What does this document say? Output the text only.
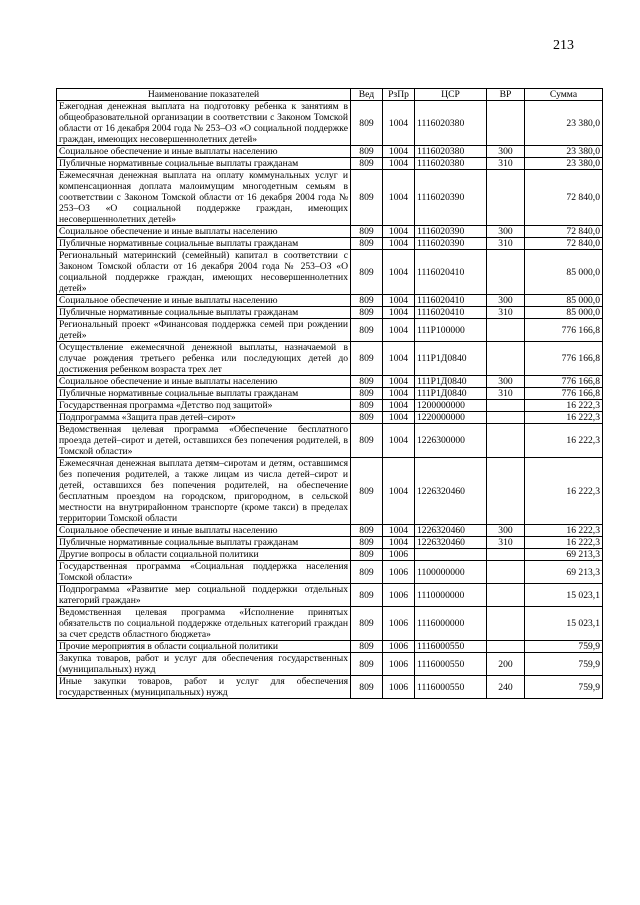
213
Наименование показателей	Вед	РзПр	ЦСР	ВР	Сумма
Ежегодная денежная выплата на подготовку ребенка к занятиям в общеобразовательной организации в соответствии с Законом Томской области от 16 декабря 2004 года № 253–ОЗ «О социальной поддержке граждан, имеющих несовершеннолетних детей»	809	1004	1116020380		23 380,0
Социальное обеспечение и иные выплаты населению	809	1004	1116020380	300	23 380,0
Публичные нормативные социальные выплаты гражданам	809	1004	1116020380	310	23 380,0
Ежемесячная денежная выплата на оплату коммунальных услуг и компенсационная доплата малоимущим многодетным семьям в соответствии с Законом Томской области от 16 декабря 2004 года № 253–ОЗ «О социальной поддержке граждан, имеющих несовершеннолетних детей»	809	1004	1116020390		72 840,0
Социальное обеспечение и иные выплаты населению	809	1004	1116020390	300	72 840,0
Публичные нормативные социальные выплаты гражданам	809	1004	1116020390	310	72 840,0
Региональный материнский (семейный) капитал в соответствии с Законом Томской области от 16 декабря 2004 года № 253–ОЗ «О социальной поддержке граждан, имеющих несовершеннолетних детей»	809	1004	1116020410		85 000,0
Социальное обеспечение и иные выплаты населению	809	1004	1116020410	300	85 000,0
Публичные нормативные социальные выплаты гражданам	809	1004	1116020410	310	85 000,0
Региональный проект «Финансовая поддержка семей при рождении детей»	809	1004	111P100000		776 166,8
Осуществление ежемесячной денежной выплаты, назначаемой в случае рождения третьего ребенка или последующих детей до достижения ребенком возраста трех лет	809	1004	111P1Д0840		776 166,8
Социальное обеспечение и иные выплаты населению	809	1004	111P1Д0840	300	776 166,8
Публичные нормативные социальные выплаты гражданам	809	1004	111P1Д0840	310	776 166,8
Государственная программа «Детство под защитой»	809	1004	1200000000		16 222,3
Подпрограмма «Защита прав детей–сирот»	809	1004	1220000000		16 222,3
Ведомственная целевая программа «Обеспечение бесплатного проезда детей–сирот и детей, оставшихся без попечения родителей, в Томской области»	809	1004	1226300000		16 222,3
Ежемесячная денежная выплата детям–сиротам и детям, оставшимся без попечения родителей, а также лицам из числа детей–сирот и детей, оставшихся без попечения родителей, на обеспечение бесплатным проездом на городском, пригородном, в сельской местности на внутрирайонном транспорте (кроме такси) в пределах территории Томской области	809	1004	1226320460		16 222,3
Социальное обеспечение и иные выплаты населению	809	1004	1226320460	300	16 222,3
Публичные нормативные социальные выплаты гражданам	809	1004	1226320460	310	16 222,3
Другие вопросы в области социальной политики	809	1006			69 213,3
Государственная программа «Социальная поддержка населения Томской области»	809	1006	1100000000		69 213,3
Подпрограмма «Развитие мер социальной поддержки отдельных категорий граждан»	809	1006	1110000000		15 023,1
Ведомственная целевая программа «Исполнение принятых обязательств по социальной поддержке отдельных категорий граждан за счет средств областного бюджета»	809	1006	1116000000		15 023,1
Прочие мероприятия в области социальной политики	809	1006	1116000550		759,9
Закупка товаров, работ и услуг для обеспечения государственных (муниципальных) нужд	809	1006	1116000550	200	759,9
Иные закупки товаров, работ и услуг для обеспечения государственных (муниципальных) нужд	809	1006	1116000550	240	759,9
